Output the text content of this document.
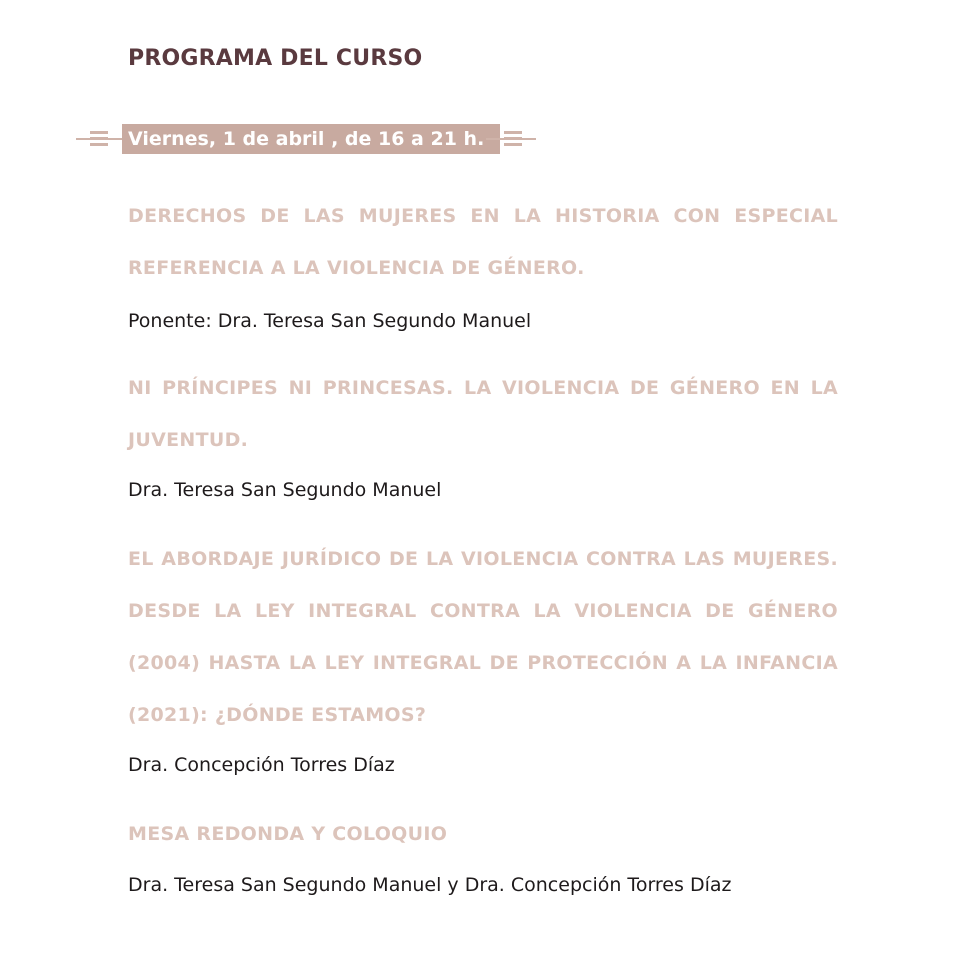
PROGRAMA DEL CURSO
Viernes, 1 de abril , de 16 a 21 h.

DERECHOS DE LAS MUJERES EN LA HISTORIA CON ESPECIAL REFERENCIA A LA VIOLENCIA DE GÉNERO.

Ponente: Dra. Teresa San Segundo Manuel

NI PRÍNCIPES NI PRINCESAS. LA VIOLENCIA DE GÉNERO EN LA JUVENTUD.

Dra. Teresa San Segundo Manuel

EL ABORDAJE JURÍDICO DE LA VIOLENCIA CONTRA LAS MUJERES. DESDE LA LEY INTEGRAL CONTRA LA VIOLENCIA DE GÉNERO (2004) HASTA LA LEY INTEGRAL DE PROTECCIÓN A LA INFANCIA (2021): ¿DÓNDE ESTAMOS?

Dra. Concepción Torres Díaz

MESA REDONDA Y COLOQUIO

Dra. Teresa San Segundo Manuel y Dra. Concepción Torres Díaz
